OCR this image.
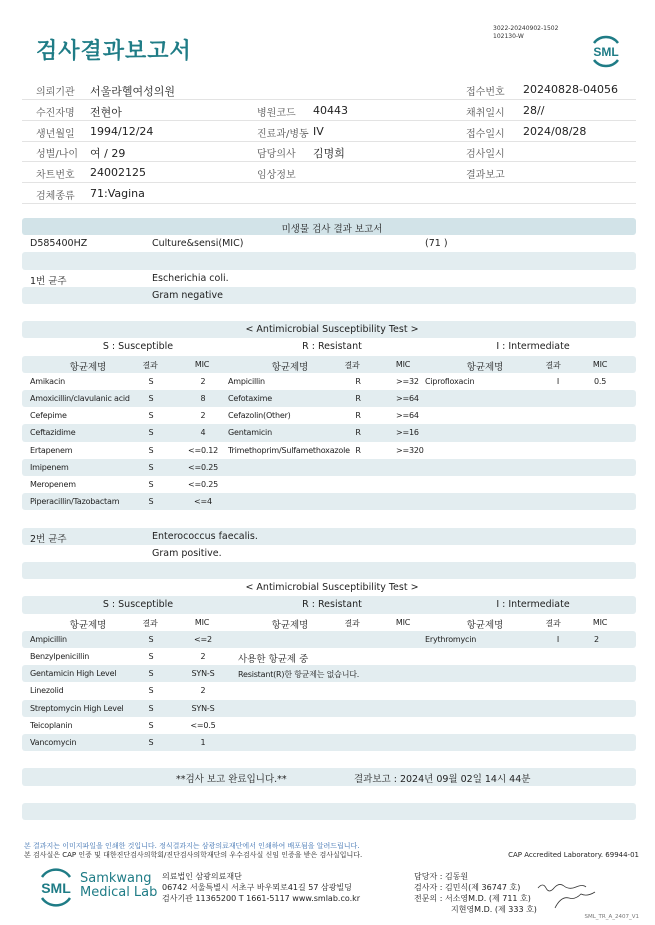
검사결과보고서
3022-20240902-1502
102130-W
SML
의뢰기관 서울라헬여성의원	접수번호 20240828-04056
수진자명 전현아	병원코드 40443	채취일시 28//
생년월일 1994/12/24	진료과/병동 IV	접수일시 2024/08/28
성별/나이 여 / 29	담당의사 김명희	검사일시
차트번호 24002125	임상정보	결과보고
검체종류 71:Vagina
미생물 검사 결과 보고서
D585400HZ	Culture&sensi(MIC)	(71 )
1번 균주	Escherichia coli.
Gram negative
< Antimicrobial Susceptibility Test >
S : Susceptible	R : Resistant	I : Intermediate
항균제명	결과	MIC	항균제명	결과	MIC	항균제명	결과	MIC
Amikacin	S	2	Ampicillin	R	>=32 Ciprofloxacin	I	0.5
Amoxicillin/clavulanic acid S	8	Cefotaxime	R	>=64
Cefepime	S	2	Cefazolin(Other)	R	>=64
Ceftazidime	S	4	Gentamicin	R	>=16
Ertapenem	S	<=0.12 Trimethoprim/Sulfamethoxazole R	>=320
Imipenem	S	<=0.25
Meropenem	S	<=0.25
Piperacillin/Tazobactam	S	<=4
2번 균주	Enterococcus faecalis.
Gram positive.
< Antimicrobial Susceptibility Test >
S : Susceptible	R : Resistant	I : Intermediate
항균제명	결과	MIC	항균제명	결과	MIC	항균제명	결과	MIC
Ampicillin	S	<=2	Erythromycin	I	2
Benzylpenicillin	S	2	사용한 항균제 중
Gentamicin High Level	S	SYN-S	Resistant(R)한 항균제는 없습니다.
Linezolid	S	2
Streptomycin High Level	S	SYN-S
Teicoplanin	S	<=0.5
Vancomycin	S	1
**검사 보고 완료입니다.**	결과보고 : 2024년 09월 02일 14시 44분
본 결과지는 이미지파일을 인쇄한 것입니다. 정식결과지는 삼광의료재단에서 인쇄하여 배포됨을 알려드립니다.
본 검사실은 CAP 인증 및 대한진단검사의학회/진단검사의학재단의 우수검사실 신임 인증을 받은 검사실입니다.	CAP Accredited Laboratory. 69944-01
SML
Samkwang
Medical Lab
의료법인 삼광의료재단
06742 서울특별시 서초구 바우뫼로41길 57 삼광빌딩
검사기관 11365200 T 1661-5117 www.smlab.co.kr
담당자 : 김동원
검사자 : 김민식(제 36747 호)
전문의 : 서소영M.D. (제 711 호)
지현영M.D. (제 333 호)
SML_TR_A_2407_V1
